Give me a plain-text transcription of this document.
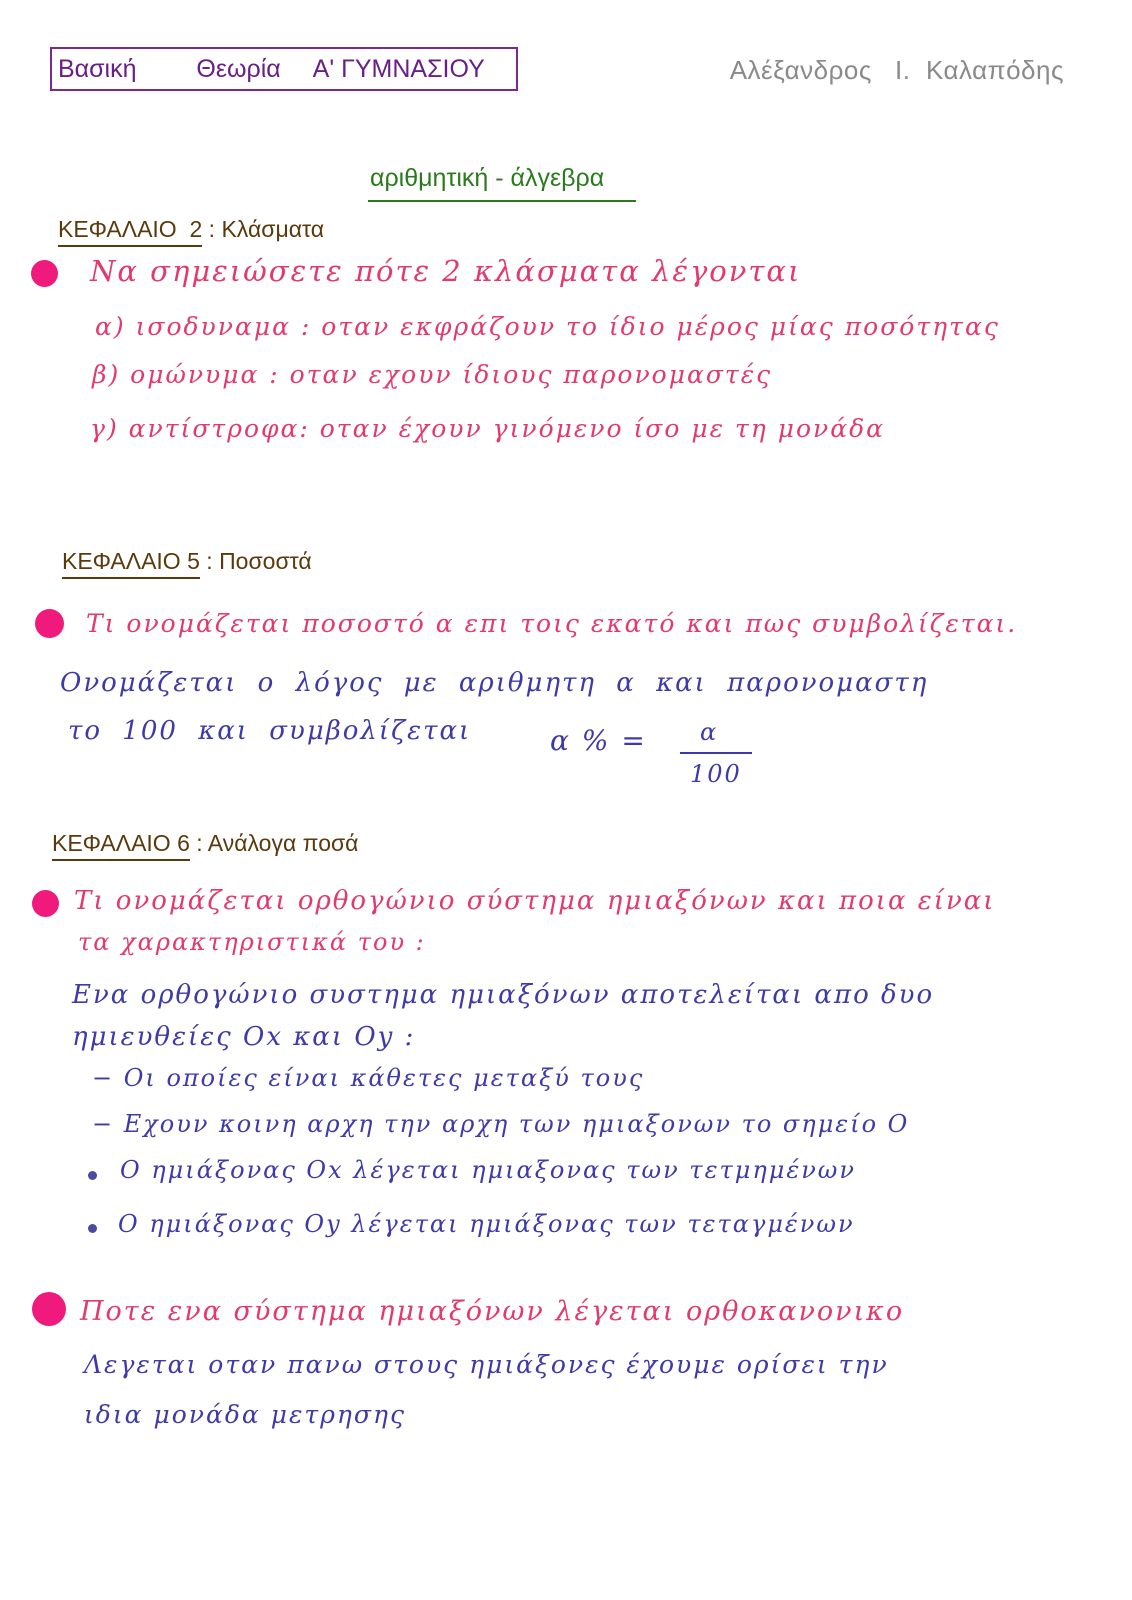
Βασική Θεωρία Α' ΓΥΜΝΑΣΙΟΥ	Αλέξανδρος   Ι.  Καλαπόδης
αριθμητική - άλγεβρα
ΚΕΦΑΛΑΙΟ  2 : Κλάσματα
Να σημειώσετε πότε 2 κλάσματα λέγονται
α) ισοδυναμα : οταν εκφράζουν το ίδιο μέρος μίας ποσότητας
β) ομώνυμα : οταν εχουν ίδιους παρονομαστές
γ) αντίστροφα: οταν έχουν γινόμενο ίσο με τη μονάδα
ΚΕΦΑΛΑΙΟ 5 : Ποσοστά
Τι ονομάζεται ποσοστό α επι τοις εκατό και πως συμβολίζεται.
Ονομάζεται ο λόγος με αριθμητη α και παρονομαστη
το 100 και συμβολίζεται	α % = α
100
ΚΕΦΑΛΑΙΟ 6 : Ανάλογα ποσά
Τι ονομάζεται ορθογώνιο σύστημα ημιαξόνων και ποια είναι
τα χαρακτηριστικά του :
Ενα ορθογώνιο συστημα ημιαξόνων αποτελείται απο δυο
ημιευθείες Οx και Οy :
− Οι οποίες είναι κάθετες μεταξύ τους
− Εχουν κοινη αρχη την αρχη των ημιαξονων το σημείο Ο
Ο ημιάξονας Οx λέγεται ημιαξονας των τετμημένων
Ο ημιάξονας Οy λέγεται ημιάξονας των τεταγμένων
Ποτε ενα σύστημα ημιαξόνων λέγεται ορθοκανονικο
Λεγεται οταν πανω στους ημιάξονες έχουμε ορίσει την
ιδια μονάδα μετρησης
